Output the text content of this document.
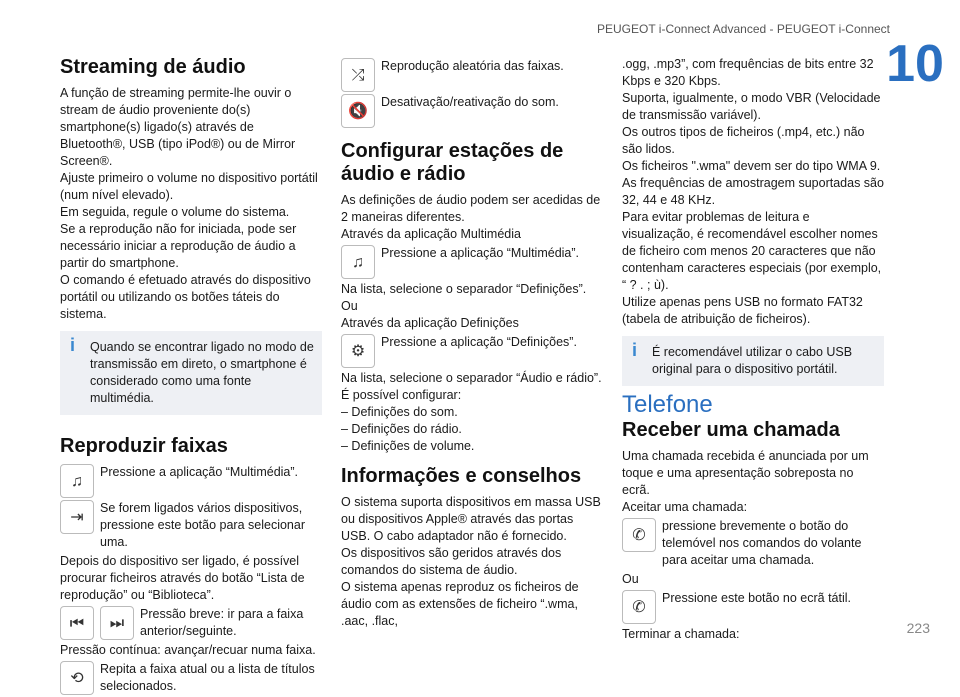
PEUGEOT i-Connect Advanced - PEUGEOT i-Connect
10
Streaming de áudio

A função de streaming permite-lhe ouvir o stream de áudio proveniente do(s) smartphone(s) ligado(s) através de Bluetooth®, USB (tipo iPod®) ou de Mirror Screen®.

Ajuste primeiro o volume no dispositivo portátil (num nível elevado).

Em seguida, regule o volume do sistema.

Se a reprodução não for iniciada, pode ser necessário iniciar a reprodução de áudio a partir do smartphone.

O comando é efetuado através do dispositivo portátil ou utilizando os botões táteis do sistema.

i Quando se encontrar ligado no modo de transmissão em direto, o smartphone é considerado como uma fonte multimédia.
Reproduzir faixas
♫
Pressione a aplicação “Multimédia”.
⇥
Se forem ligados vários dispositivos, pressione este botão para selecionar uma.

Depois do dispositivo ser ligado, é possível procurar ficheiros através do botão “Lista de reprodução” ou “Biblioteca”.

⏮	⏭
Pressão breve: ir para a faixa anterior/seguinte.

Pressão contínua: avançar/recuar numa faixa.

⟲
Repita a faixa atual ou a lista de títulos selecionados.
⤮
Reprodução aleatória das faixas.
🔇
Desativação/reativação do som.
Configurar estações de áudio e rádio

As definições de áudio podem ser acedidas de 2 maneiras diferentes.

Através da aplicação Multimédia

♫
Pressione a aplicação “Multimédia”.

Na lista, selecione o separador “Definições”.

Ou

Através da aplicação Definições

⚙
Pressione a aplicação “Definições”.

Na lista, selecione o separador “Áudio e rádio”.

É possível configurar:

– Definições do som.

– Definições do rádio.

– Definições de volume.

Informações e conselhos

O sistema suporta dispositivos em massa USB ou dispositivos Apple® através das portas USB. O cabo adaptador não é fornecido.

Os dispositivos são geridos através dos comandos do sistema de áudio.

O sistema apenas reproduz os ficheiros de áudio com as extensões de ficheiro “.wma, .aac, .flac,

.ogg, .mp3”, com frequências de bits entre 32 Kbps e 320 Kbps.

Suporta, igualmente, o modo VBR (Velocidade de transmissão variável).

Os outros tipos de ficheiros (.mp4, etc.) não são lidos.

Os ficheiros ".wma" devem ser do tipo WMA 9.

As frequências de amostragem suportadas são 32, 44 e 48 KHz.

Para evitar problemas de leitura e visualização, é recomendável escolher nomes de ficheiro com menos 20 caracteres que não contenham caracteres especiais (por exemplo, “ ? . ; ù).

Utilize apenas pens USB no formato FAT32 (tabela de atribuição de ficheiros).

i É recomendável utilizar o cabo USB original para o dispositivo portátil.
Telefone
Receber uma chamada

Uma chamada recebida é anunciada por um toque e uma apresentação sobreposta no ecrã.

Aceitar uma chamada:

✆
pressione brevemente o botão do telemóvel nos comandos do volante para aceitar uma chamada.

Ou

✆
Pressione este botão no ecrã tátil.

Terminar a chamada:	223
